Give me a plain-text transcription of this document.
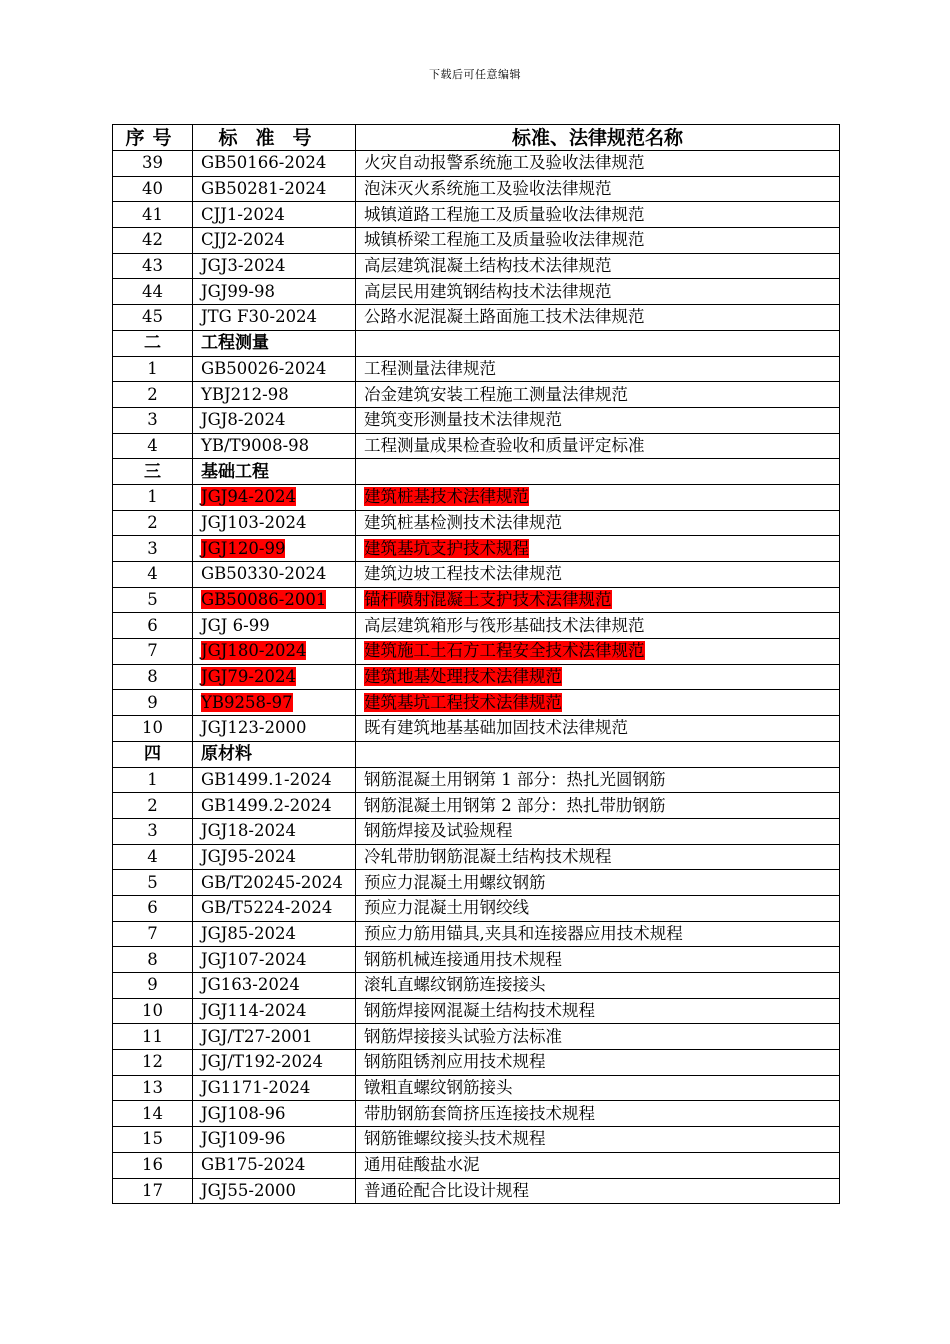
下载后可任意编辑
序号	标准号	标准、法律规范名称
39	GB50166-2024	火灾自动报警系统施工及验收法律规范
40	GB50281-2024	泡沫灭火系统施工及验收法律规范
41	CJJ1-2024	城镇道路工程施工及质量验收法律规范
42	CJJ2-2024	城镇桥梁工程施工及质量验收法律规范
43	JGJ3-2024	高层建筑混凝土结构技术法律规范
44	JGJ99-98	高层民用建筑钢结构技术法律规范
45	JTG F30-2024	公路水泥混凝土路面施工技术法律规范
二	工程测量	
1	GB50026-2024	工程测量法律规范
2	YBJ212-98	冶金建筑安装工程施工测量法律规范
3	JGJ8-2024	建筑变形测量技术法律规范
4	YB/T9008-98	工程测量成果检查验收和质量评定标准
三	基础工程	
1	JGJ94-2024	建筑桩基技术法律规范
2	JGJ103-2024	建筑桩基检测技术法律规范
3	JGJ120-99	建筑基坑支护技术规程
4	GB50330-2024	建筑边坡工程技术法律规范
5	GB50086-2001	锚杆喷射混凝土支护技术法律规范
6	JGJ 6-99	高层建筑箱形与筏形基础技术法律规范
7	JGJ180-2024	建筑施工土石方工程安全技术法律规范
8	JGJ79-2024	建筑地基处理技术法律规范
9	YB9258-97	建筑基坑工程技术法律规范
10	JGJ123-2000	既有建筑地基基础加固技术法律规范
四	原材料	
1	GB1499.1-2024	钢筋混凝土用钢第 1 部分：热扎光圆钢筋
2	GB1499.2-2024	钢筋混凝土用钢第 2 部分：热扎带肋钢筋
3	JGJ18-2024	钢筋焊接及试验规程
4	JGJ95-2024	冷轧带肋钢筋混凝土结构技术规程
5	GB/T20245-2024	预应力混凝土用螺纹钢筋
6	GB/T5224-2024	预应力混凝土用钢绞线
7	JGJ85-2024	预应力筋用锚具,夹具和连接器应用技术规程
8	JGJ107-2024	钢筋机械连接通用技术规程
9	JG163-2024	滚轧直螺纹钢筋连接接头
10	JGJ114-2024	钢筋焊接网混凝土结构技术规程
11	JGJ/T27-2001	钢筋焊接接头试验方法标准
12	JGJ/T192-2024	钢筋阻锈剂应用技术规程
13	JG1171-2024	镦粗直螺纹钢筋接头
14	JGJ108-96	带肋钢筋套筒挤压连接技术规程
15	JGJ109-96	钢筋锥螺纹接头技术规程
16	GB175-2024	通用硅酸盐水泥
17	JGJ55-2000	普通砼配合比设计规程
